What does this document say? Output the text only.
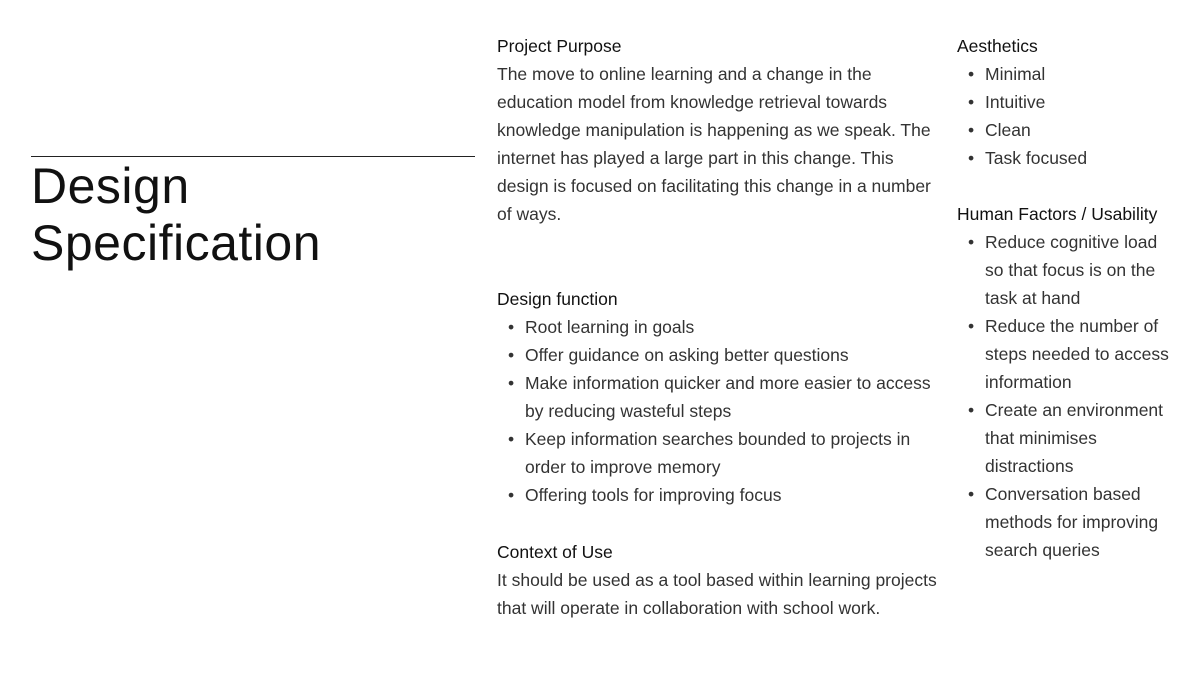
Design
Specification
Project Purpose

The move to online learning and a change in the education model from knowledge retrieval towards knowledge manipulation is happening as we speak. The internet has played a large part in this change. This design is focused on facilitating this change in a number of ways.

Design function
• Root learning in goals
• Offer guidance on asking better questions
• Make information quicker and more easier to access by reducing wasteful steps
• Keep information searches bounded to projects in order to improve memory
• Offering tools for improving focus
Context of Use

It should be used as a tool based within learning projects that will operate in collaboration with school work.

Aesthetics
• Minimal
• Intuitive
• Clean
• Task focused
Human Factors / Usability
• Reduce cognitive load so that focus is on the task at hand
• Reduce the number of steps needed to access information
• Create an environment that minimises distractions
• Conversation based methods for improving search queries
